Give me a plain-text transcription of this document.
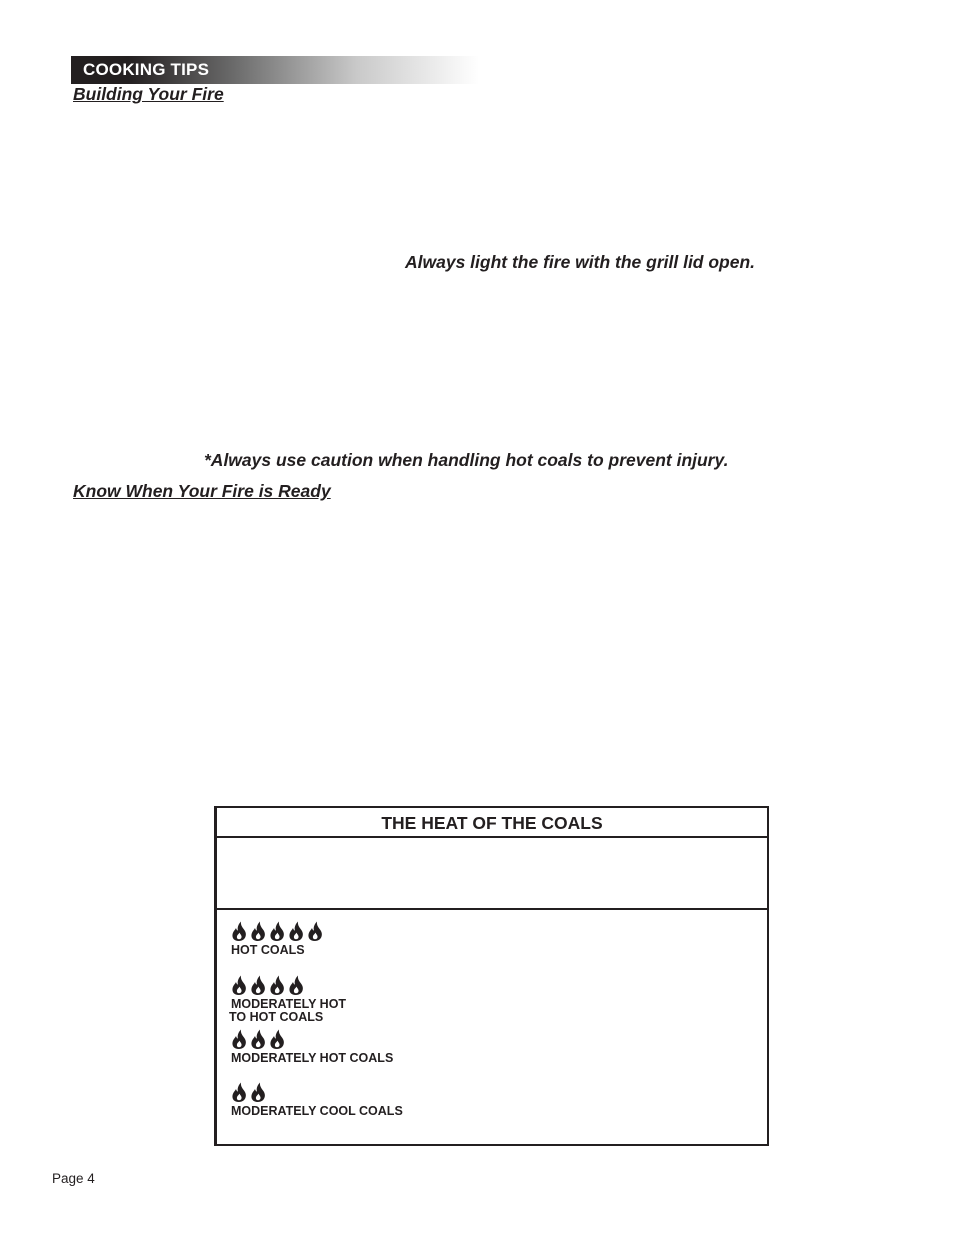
COOKING TIPS
Building Your Fire
Always light the fire with the grill lid open.
*Always use caution when handling hot coals to prevent injury.
Know When Your Fire is Ready
THE HEAT OF THE COALS
HOT COALS
MODERATELY HOT
TO HOT COALS
MODERATELY HOT COALS
MODERATELY COOL COALS
Page 4
